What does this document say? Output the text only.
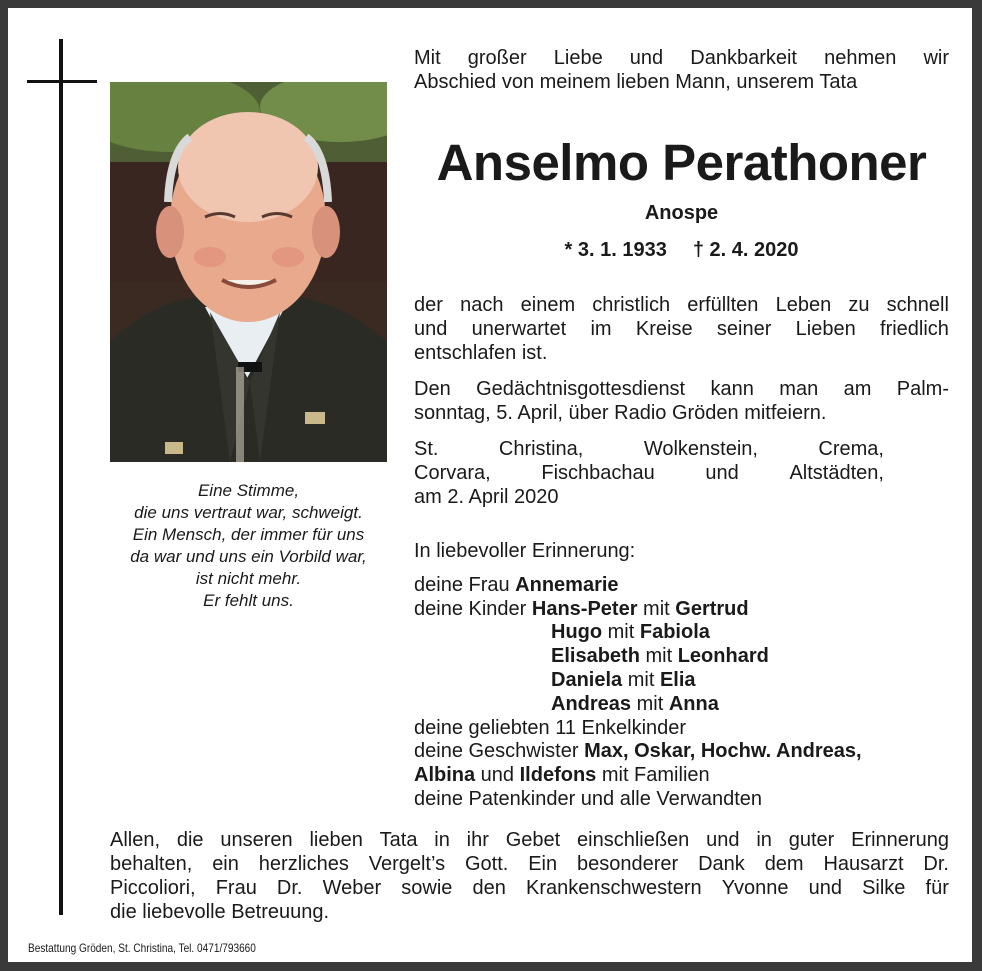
Eine Stimme,
die uns vertraut war, schweigt.
Ein Mensch, der immer für uns
da war und uns ein Vorbild war,
ist nicht mehr.
Er fehlt uns.
Mit großer Liebe und Dankbarkeit nehmen wir
Abschied von meinem lieben Mann, unserem Tata
Anselmo Perathoner
Anospe
* 3. 1. 1933 † 2. 4. 2020
der nach einem christlich erfüllten Leben zu schnell
und unerwartet im Kreise seiner Lieben friedlich
entschlafen ist.
Den Gedächtnisgottesdienst kann man am Palm-
sonntag, 5. April, über Radio Gröden mitfeiern.
St.	Christina,	Wolkenstein,	Crema,
Corvara,	Fischbachau	und	Altstädten,
am 2. April 2020
In liebevoller Erinnerung:
deine Frau Annemarie
deine Kinder Hans-Peter mit Gertrud
Hugo mit Fabiola
Elisabeth mit Leonhard
Daniela mit Elia
Andreas mit Anna
deine geliebten 11 Enkelkinder
deine Geschwister Max, Oskar, Hochw. Andreas,
Albina und Ildefons mit Familien
deine Patenkinder und alle Verwandten
Allen, die unseren lieben Tata in ihr Gebet einschließen und in guter Erinnerung
behalten, ein herzliches Vergelt’s Gott. Ein besonderer Dank dem Hausarzt Dr.
Piccoliori, Frau Dr. Weber sowie den Krankenschwestern Yvonne und Silke für
die liebevolle Betreuung.
Bestattung Gröden, St. Christina, Tel. 0471/793660
